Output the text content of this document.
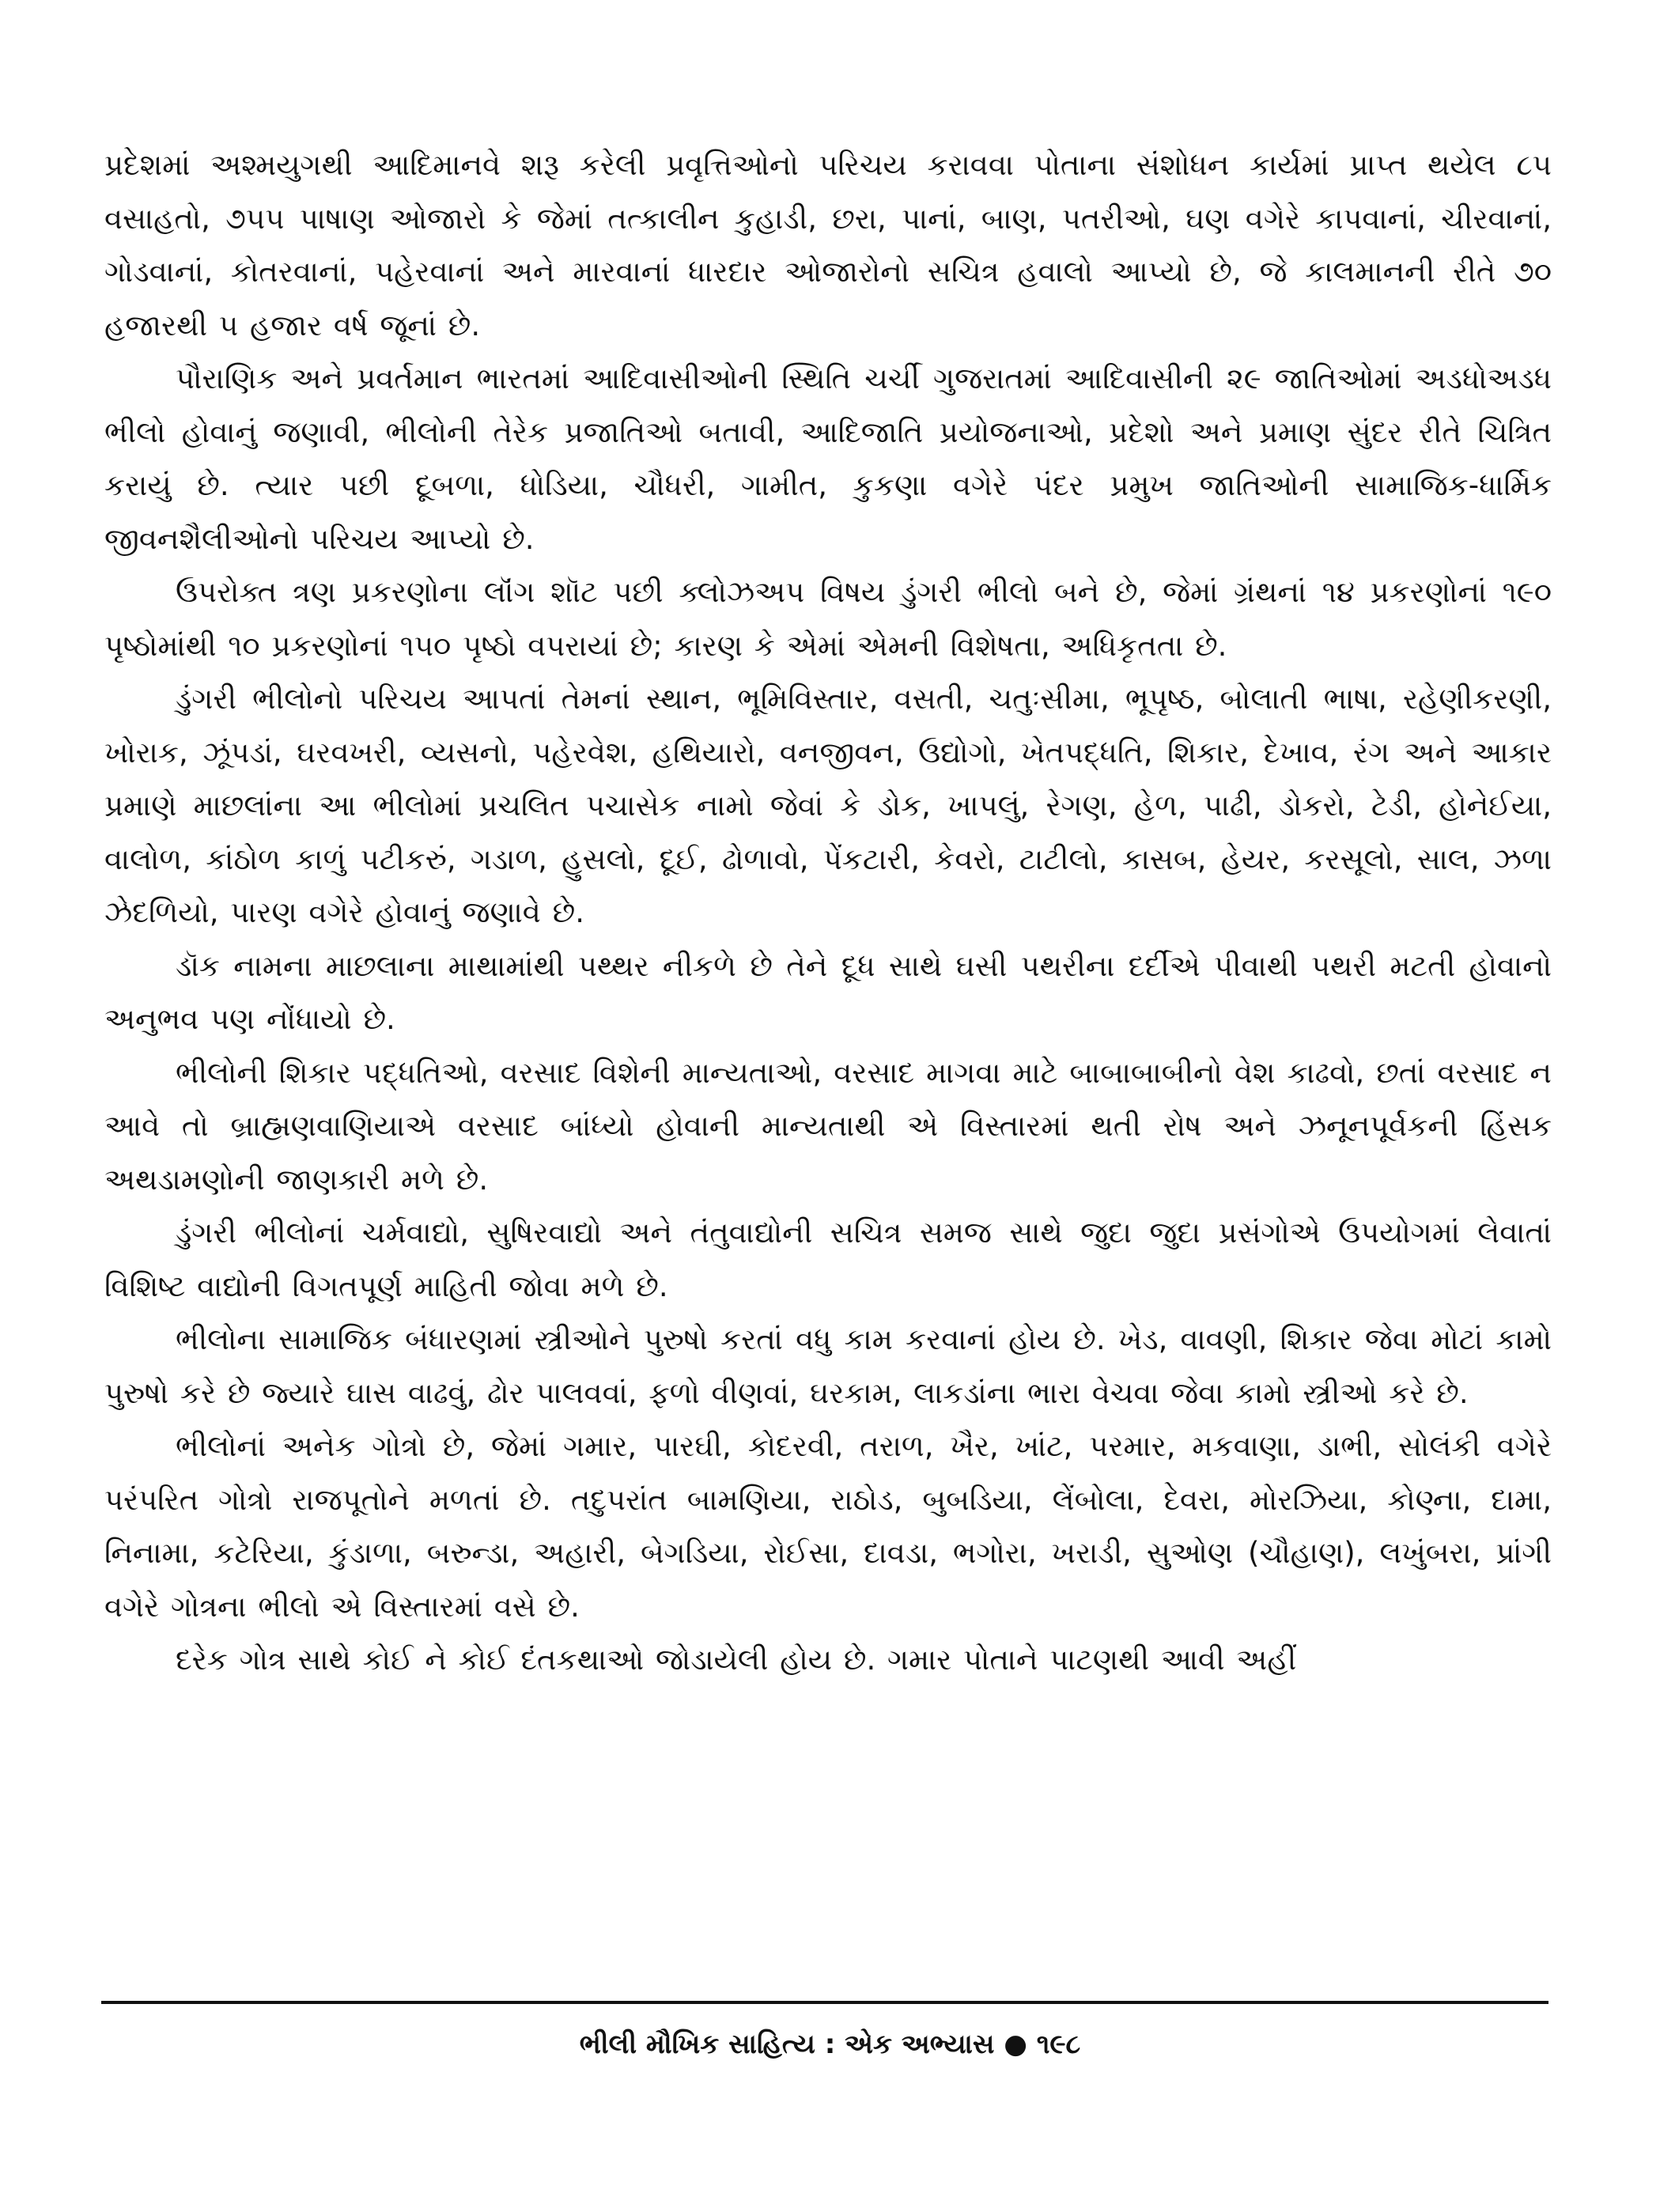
પ્રદેશમાં અશ્મયુગથી આદિમાનવે શરૂ કરેલી પ્રવૃત્તિઓનો પરિચય કરાવવા પોતાના સંશોધન કાર્યમાં પ્રાપ્ત થયેલ ૮૫ વસાહતો, ૭૫૫ પાષાણ ઓજારો કે જેમાં તત્કાલીન કુહાડી, છરા, પાનાં, બાણ, પતરીઓ, ઘણ વગેરે કાપવાનાં, ચીરવાનાં, ગોડવાનાં, કોતરવાનાં, પહેરવાનાં અને મારવાનાં ધારદાર ઓજારોનો સચિત્ર હવાલો આપ્યો છે, જે કાલમાનની રીતે ૭૦ હજારથી ૫ હજાર વર્ષ જૂનાં છે.

પૌરાણિક અને પ્રવર્તમાન ભારતમાં આદિવાસીઓની સ્થિતિ ચર્ચી ગુજરાતમાં આદિવાસીની ૨૯ જાતિઓમાં અડધોઅડધ ભીલો હોવાનું જણાવી, ભીલોની તેરેક પ્રજાતિઓ બતાવી, આદિજાતિ પ્રયોજનાઓ, પ્રદેશો અને પ્રમાણ સુંદર રીતે ચિત્રિત કરાયું છે. ત્યાર પછી દૂબળા, ધોડિયા, ચૌધરી, ગામીત, કુકણા વગેરે પંદર પ્રમુખ જાતિઓની સામાજિક-ધાર્મિક જીવનશૈલીઓનો પરિચય આપ્યો છે.

ઉપરોક્ત ત્રણ પ્રકરણોના લૉંગ શૉટ પછી ક્લોઝઅપ વિષય ડુંગરી ભીલો બને છે, જેમાં ગ્રંથનાં ૧૪ પ્રકરણોનાં ૧૯૦ પૃષ્ઠોમાંથી ૧૦ પ્રકરણોનાં ૧૫૦ પૃષ્ઠો વપરાયાં છે; કારણ કે એમાં એમની વિશેષતા, અધિકૃતતા છે.

ડુંગરી ભીલોનો પરિચય આપતાં તેમનાં સ્થાન, ભૂમિવિસ્તાર, વસતી, ચતુઃસીમા, ભૂપૃષ્ઠ, બોલાતી ભાષા, રહેણીકરણી, ખોરાક, ઝૂંપડાં, ઘરવખરી, વ્યસનો, પહેરવેશ, હથિયારો, વનજીવન, ઉદ્યોગો, ખેતપદ્ધતિ, શિકાર, દેખાવ, રંગ અને આકાર પ્રમાણે માછલાંના આ ભીલોમાં પ્રચલિત પચાસેક નામો જેવાં કે ડોક, ખાપલું, રેગણ, હેળ, પાઢી, ડોકરો, ટેડી, હોનેઈયા, વાલોળ, કાંઠોળ કાળું પટીકરું, ગડાળ, હુસલો, દૂઈ, ઢોળાવો, પેંકટારી, કેવરો, ટાટીલો, કાસબ, હેયર, કરસૂલો, સાલ, ઝળા ઝેદળિયો, પારણ વગેરે હોવાનું જણાવે છે.

ડૉક નામના માછલાના માથામાંથી પથ્થર નીકળે છે તેને દૂધ સાથે ઘસી પથરીના દર્દીએ પીવાથી પથરી મટતી હોવાનો અનુભવ પણ નોંધાયો છે.

ભીલોની શિકાર પદ્ધતિઓ, વરસાદ વિશેની માન્યતાઓ, વરસાદ માગવા માટે બાબાબાબીનો વેશ કાઢવો, છતાં વરસાદ ન આવે તો બ્રાહ્મણવાણિયાએ વરસાદ બાંધ્યો હોવાની માન્યતાથી એ વિસ્તારમાં થતી રોષ અને ઝનૂનપૂર્વકની હિંસક અથડામણોની જાણકારી મળે છે.

ડુંગરી ભીલોનાં ચર્મવાદ્યો, સુષિરવાદ્યો અને તંતુવાદ્યોની સચિત્ર સમજ સાથે જુદા જુદા પ્રસંગોએ ઉપયોગમાં લેવાતાં વિશિષ્ટ વાદ્યોની વિગતપૂર્ણ માહિતી જોવા મળે છે.

ભીલોના સામાજિક બંધારણમાં સ્ત્રીઓને પુરુષો કરતાં વધુ કામ કરવાનાં હોય છે. ખેડ, વાવણી, શિકાર જેવા મોટાં કામો પુરુષો કરે છે જ્યારે ઘાસ વાઢવું, ઢોર પાલવવાં, ફળો વીણવાં, ઘરકામ, લાકડાંના ભારા વેચવા જેવા કામો સ્ત્રીઓ કરે છે.

ભીલોનાં અનેક ગોત્રો છે, જેમાં ગમાર, પારઘી, કોદરવી, તરાળ, ખૈર, ખાંટ, પરમાર, મકવાણા, ડાભી, સોલંકી વગેરે પરંપરિત ગોત્રો રાજપૂતોને મળતાં છે. તદુપરાંત બામણિયા, રાઠોડ, બુબડિયા, લેંબોલા, દેવરા, મોરઝિયા, કોણ્ના, દામા, નિનામા, કટેરિયા, કુંડાળા, બરુન્ડા, અહારી, બેગડિયા, રોઈસા, દાવડા, ભગોરા, ખરાડી, સુઓણ (ચૌહાણ), લખુંબરા, પ્રાંગી વગેરે ગોત્રના ભીલો એ વિસ્તારમાં વસે છે.

દરેક ગોત્ર સાથે કોઈ ને કોઈ દંતકથાઓ જોડાયેલી હોય છે. ગમાર પોતાને પાટણથી આવી અહીં

ભીલી મૌખિક સાહિત્ય : એક અભ્યાસ ● ૧૯૮
